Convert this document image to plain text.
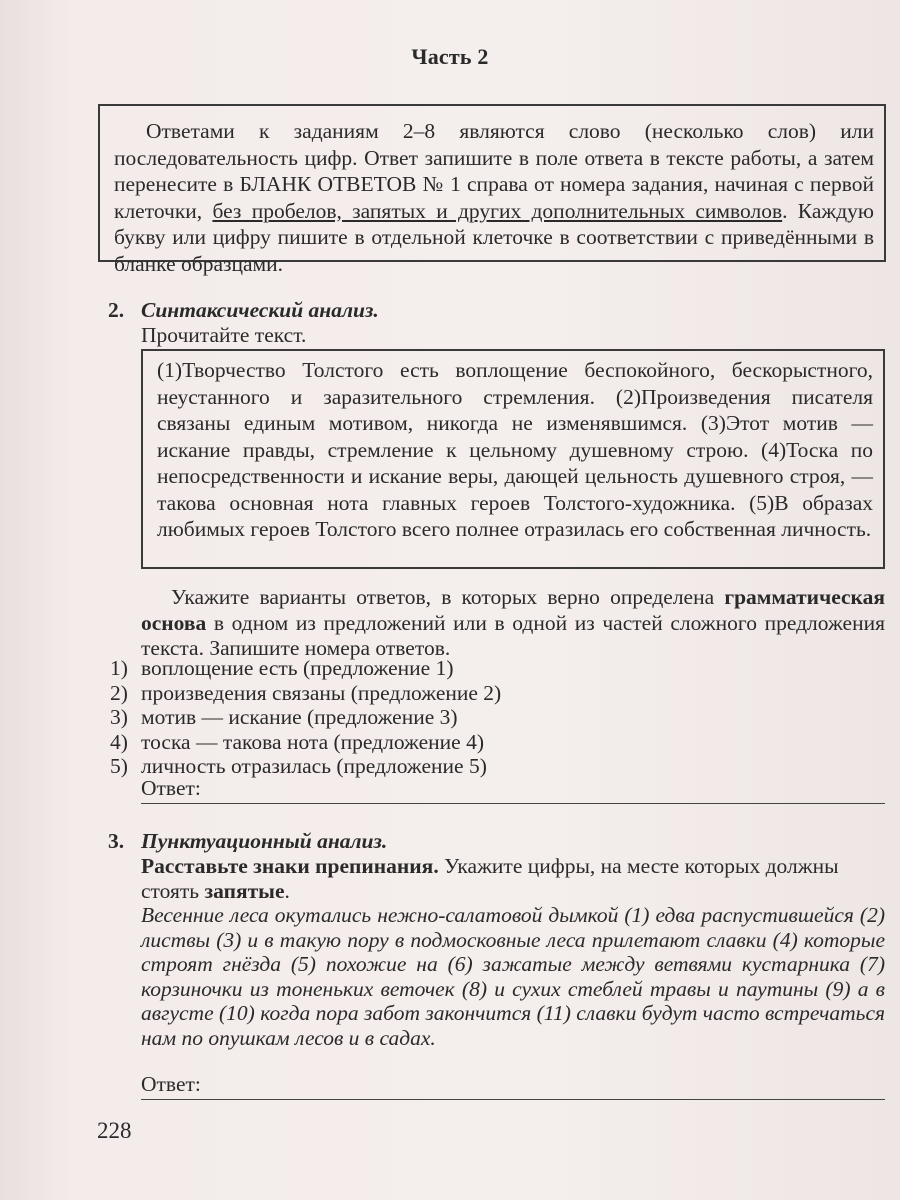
Часть 2

Ответами к заданиям 2–8 являются слово (несколько слов) или последовательность цифр. Ответ запишите в поле ответа в тексте работы, а затем перенесите в БЛАНК ОТВЕТОВ № 1 справа от номера задания, начиная с первой клеточки, без пробелов, запятых и других дополнительных символов. Каждую букву или цифру пишите в отдельной клеточке в соответствии с приведёнными в бланке образцами.

2. Синтаксический анализ.
Прочитайте текст.

(1)Творчество Толстого есть воплощение беспокойного, бескорыстного, неустанного и заразительного стремления. (2)Произведения писателя связаны единым мотивом, никогда не изменявшимся. (3)Этот мотив — искание правды, стремление к цельному душевному строю. (4)Тоска по непосредственности и искание веры, дающей цельность душевного строя, — такова основная нота главных героев Толстого-художника. (5)В образах любимых героев Толстого всего полнее отразилась его собственная личность.

Укажите варианты ответов, в которых верно определена грамматическая основа в одном из предложений или в одной из частей сложного предложения текста. Запишите номера ответов.
1) воплощение есть (предложение 1)
2) произведения связаны (предложение 2)
3) мотив — искание (предложение 3)
4) тоска — такова нота (предложение 4)
5) личность отразилась (предложение 5)
Ответ:
3. Пунктуационный анализ.
Расставьте знаки препинания. Укажите цифры, на месте которых должны стоять запятые.
Весенние леса окутались нежно-салатовой дымкой (1) едва распустившейся (2) листвы (3) и в такую пору в подмосковные леса прилетают славки (4) которые строят гнёзда (5) похожие на (6) зажатые между ветвями кустарника (7) корзиночки из тоненьких веточек (8) и сухих стеблей травы и паутины (9) а в августе (10) когда пора забот закончится (11) славки будут часто встречаться нам по опушкам лесов и в садах.
Ответ:
228
